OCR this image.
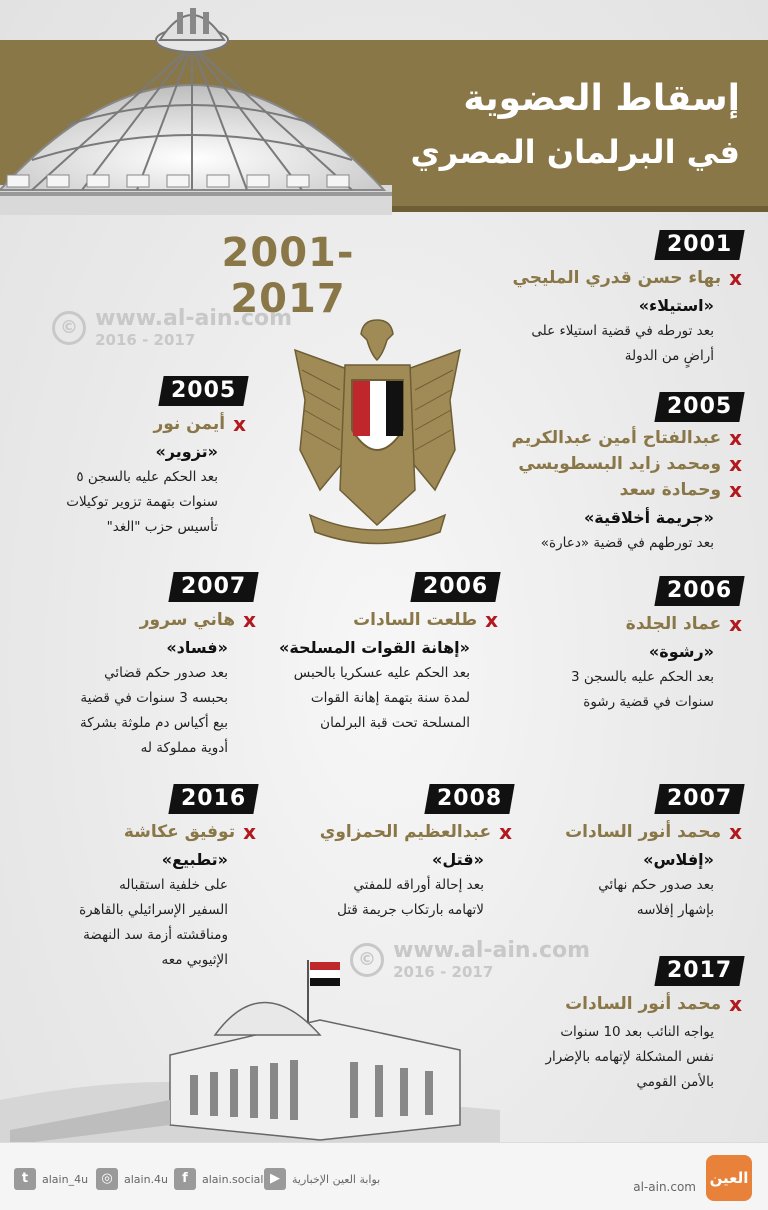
إسقاط العضوية
في البرلمان المصري
2001-2017
© www.al-ain.com
2016 - 2017
© www.al-ain.com
2016 - 2017
2001
x
بهاء حسن قدري المليجي
«استيلاء»
بعد تورطه في قضية استيلاء على
أراضٍ من الدولة
2005
x
أيمن نور
«تزوير»
بعد الحكم عليه بالسجن ٥
سنوات بتهمة تزوير توكيلات
تأسيس حزب "الغد"
2005
x
عبدالفتاح أمين عبدالكريم
x
ومحمد زايد البسطويسي
x
وحمادة سعد
«جريمة أخلاقية»
بعد تورطهم في قضية «دعارة»
2007
x
هاني سرور
«فساد»
بعد صدور حكم قضائي
بحبسه 3 سنوات في قضية
بيع أكياس دم ملوثة بشركة
أدوية مملوكة له
2006
x
طلعت السادات
«إهانة القوات المسلحة»
بعد الحكم عليه عسكريا بالحبس
لمدة سنة بتهمة إهانة القوات
المسلحة تحت قبة البرلمان
2006
x
عماد الجلدة
«رشوة»
بعد الحكم عليه بالسجن 3
سنوات في قضية رشوة
2016
x
توفيق عكاشة
«تطبيع»
على خلفية استقباله
السفير الإسرائيلي بالقاهرة
ومناقشته أزمة سد النهضة
الإثيوبي معه
2008
x
عبدالعظيم الحمزاوي
«قتل»
بعد إحالة أوراقه للمفتي
لاتهامه بارتكاب جريمة قتل
2007
x
محمد أنور السادات
«إفلاس»
بعد صدور حكم نهائي
بإشهار إفلاسه
2017
x
محمد أنور السادات
يواجه النائب بعد 10 سنوات
نفس المشكلة لإتهامه بالإضرار
بالأمن القومي
t	alain_4u	◎	alain.4u	f	alain.social ▶	بوابة العين الإخبارية
al-ain.com العين
